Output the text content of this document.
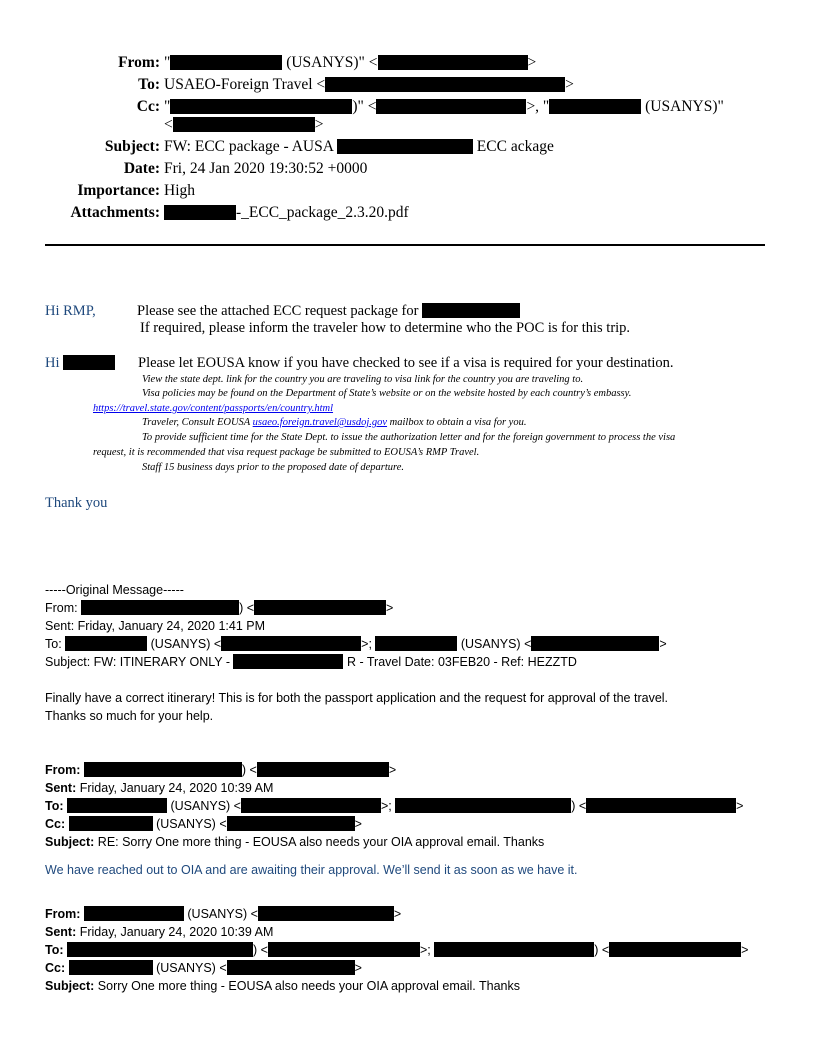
From: "	(USANYS)" <	>
To: USAEO-Foreign Travel <	>
Cc: "	)" <	>, "	(USANYS)"
<	>
Subject: FW: ECC package - AUSA	ECC ackage
Date: Fri, 24 Jan 2020 19:30:52 +0000
Importance: High
Attachments:	-_ECC_package_2.3.20.pdf
Hi RMP,	Please see the attached ECC request package for
If required, please inform the traveler how to determine who the POC is for this trip.
Hi	Please let EOUSA know if you have checked to see if a visa is required for your destination.
View the state dept. link for the country you are traveling to visa link for the country you are traveling to.
Visa policies may be found on the Department of State’s website or on the website hosted by each country’s embassy.
https://travel.state.gov/content/passports/en/country.html
Traveler, Consult EOUSA usaeo.foreign.travel@usdoj.gov mailbox to obtain a visa for you.
To provide sufficient time for the State Dept. to issue the authorization letter and for the foreign government to process the visa
request, it is recommended that visa request package be submitted to EOUSA’s RMP Travel.
Staff 15 business days prior to the proposed date of departure.
Thank you
-----Original Message-----
From:	) <	>
Sent: Friday, January 24, 2020 1:41 PM
To:	(USANYS) <	>;	(USANYS) <	>
Subject: FW: ITINERARY ONLY -	R - Travel Date: 03FEB20 - Ref: HEZZTD
Finally have a correct itinerary! This is for both the passport application and the request for approval of the travel.
Thanks so much for your help.
From:	) <	>
Sent: Friday, January 24, 2020 10:39 AM
To:	(USANYS) <	>;	) <	>
Cc:	(USANYS) <	>
Subject: RE: Sorry One more thing - EOUSA also needs your OIA approval email. Thanks
We have reached out to OIA and are awaiting their approval. We’ll send it as soon as we have it.
From:	(USANYS) <	>
Sent: Friday, January 24, 2020 10:39 AM
To:	) <	>;	) <	>
Cc:	(USANYS) <	>
Subject: Sorry One more thing - EOUSA also needs your OIA approval email. Thanks
